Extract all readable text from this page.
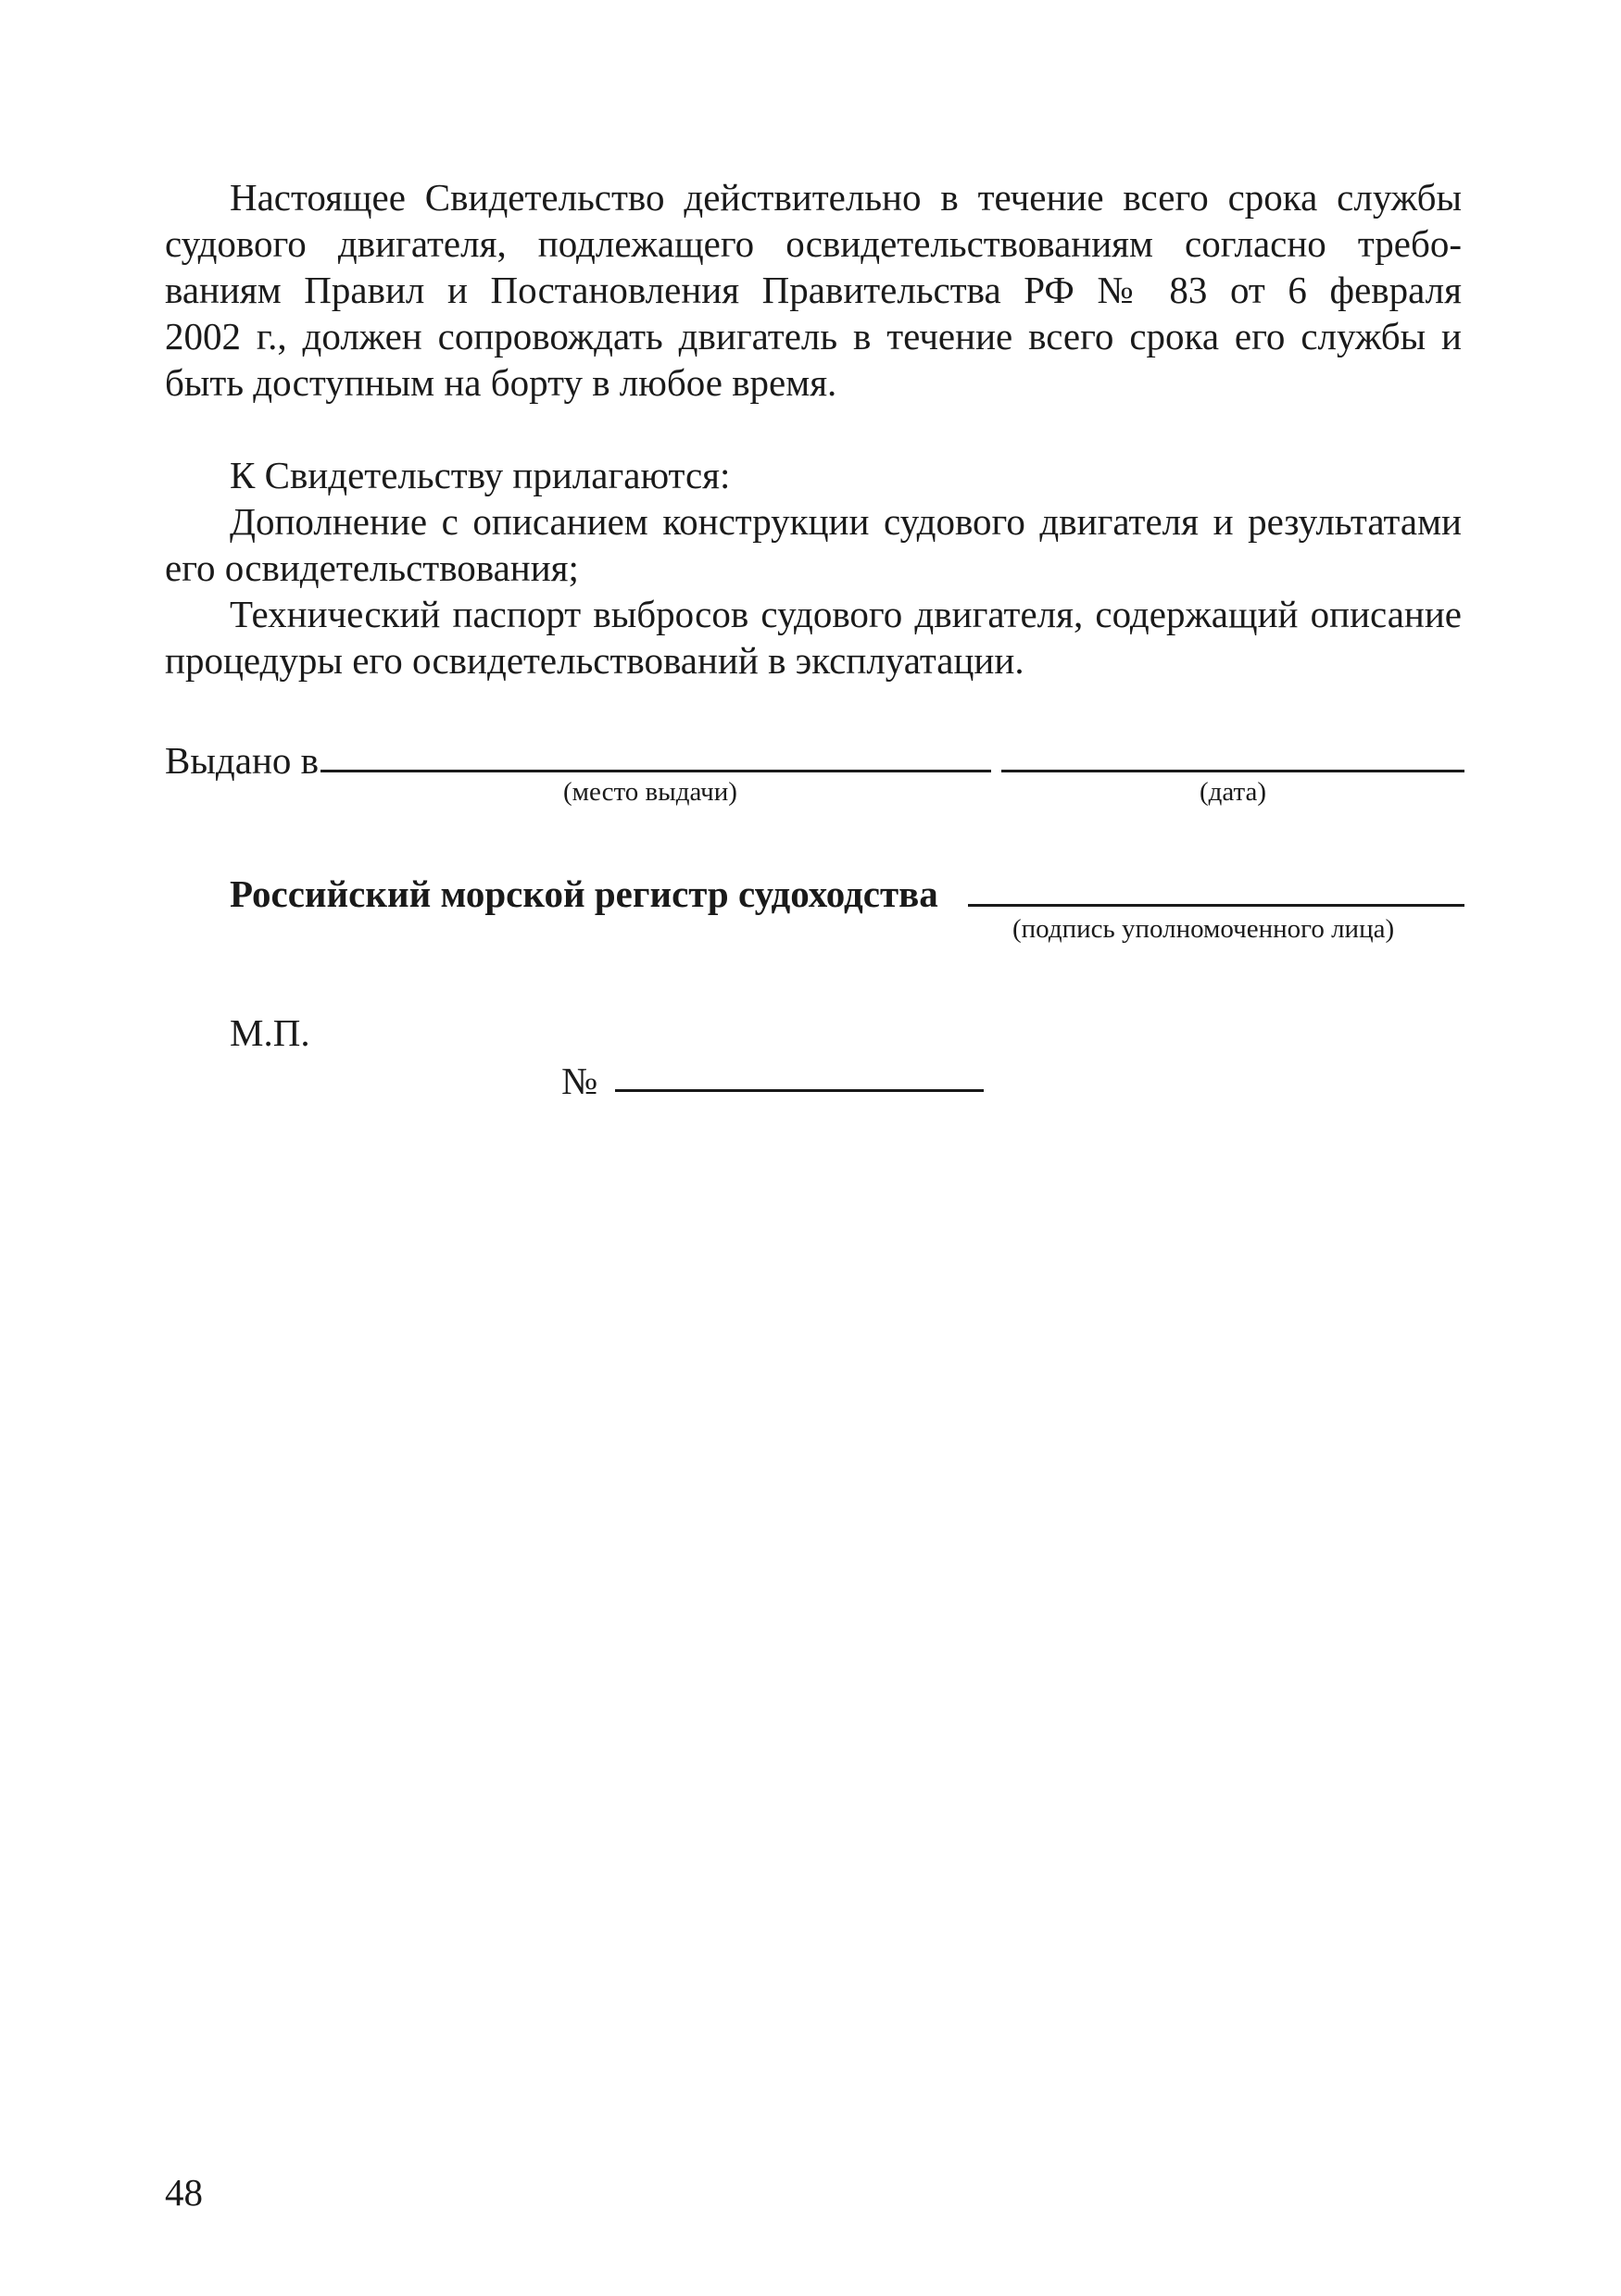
Настоящее Свидетельство действительно в течение всего срока службы
судового двигателя, подлежащего освидетельствованиям согласно требо-
ваниям Правил и Постановления Правительства РФ № 83 от 6 февраля
2002 г., должен сопровождать двигатель в течение всего срока его службы и
быть доступным на борту в любое время.
К Свидетельству прилагаются:
Дополнение с описанием конструкции судового двигателя и результатами
его освидетельствования;
Технический паспорт выбросов судового двигателя, содержащий описание
процедуры его освидетельствований в эксплуатации.
Выдано в
(место выдачи)	(дата)
Российский морской регистр судоходства
(подпись уполномоченного лица)
М.П.
№
48
